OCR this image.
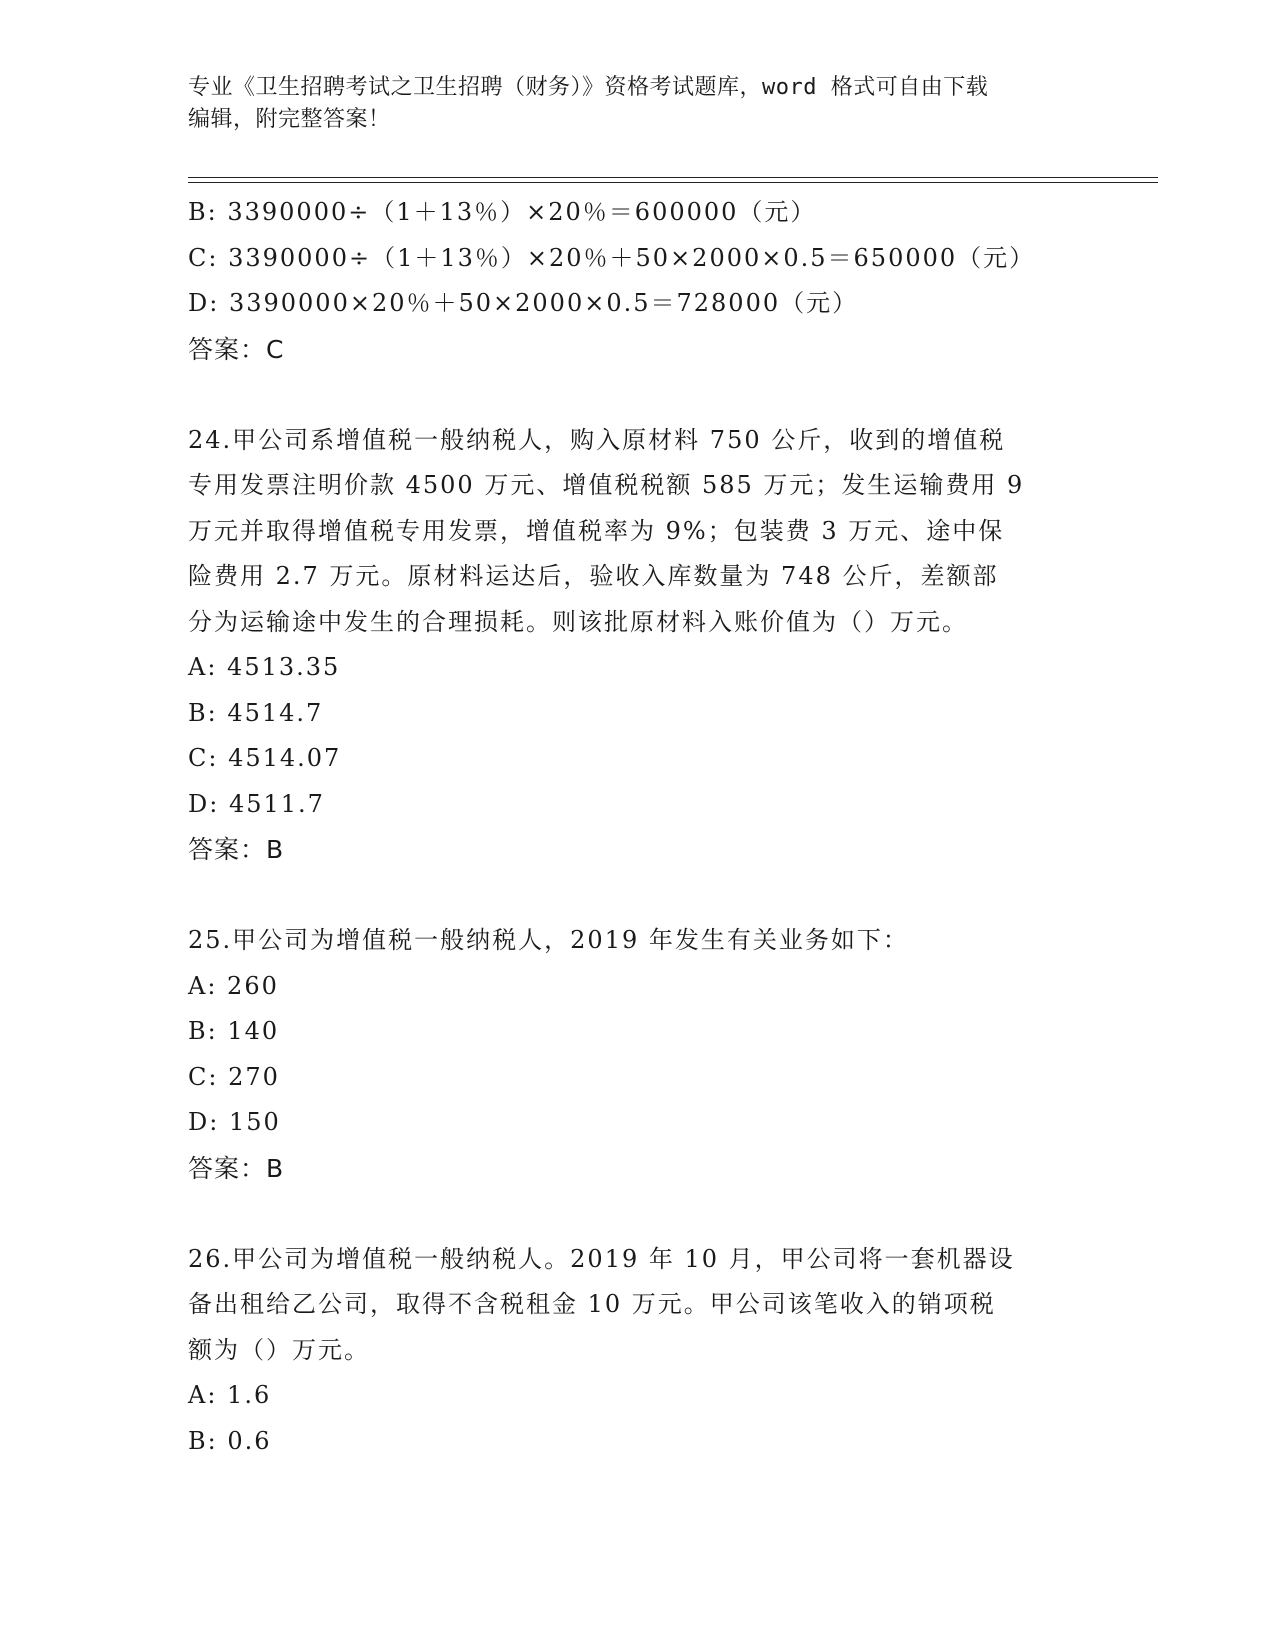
专业《卫生招聘考试之卫生招聘（财务）》资格考试题库，word 格式可自由下载
编辑，附完整答案！
B: 3390000÷（1＋13％）×20％＝600000（元）
C: 3390000÷（1＋13％）×20％＋50×2000×0.5＝650000（元）
D: 3390000×20％＋50×2000×0.5＝728000（元）
答案：C
24.甲公司系增值税一般纳税人，购入原材料 750 公斤，收到的增值税
专用发票注明价款 4500 万元、增值税税额 585 万元；发生运输费用 9
万元并取得增值税专用发票，增值税率为 9%；包装费 3 万元、途中保
险费用 2.7 万元。原材料运达后，验收入库数量为 748 公斤，差额部
分为运输途中发生的合理损耗。则该批原材料入账价值为（）万元。
A: 4513.35
B: 4514.7
C: 4514.07
D: 4511.7
答案：B
25.甲公司为增值税一般纳税人，2019 年发生有关业务如下：
A: 260
B: 140
C: 270
D: 150
答案：B
26.甲公司为增值税一般纳税人。2019 年 10 月，甲公司将一套机器设
备出租给乙公司，取得不含税租金 10 万元。甲公司该笔收入的销项税
额为（）万元。
A: 1.6
B: 0.6
